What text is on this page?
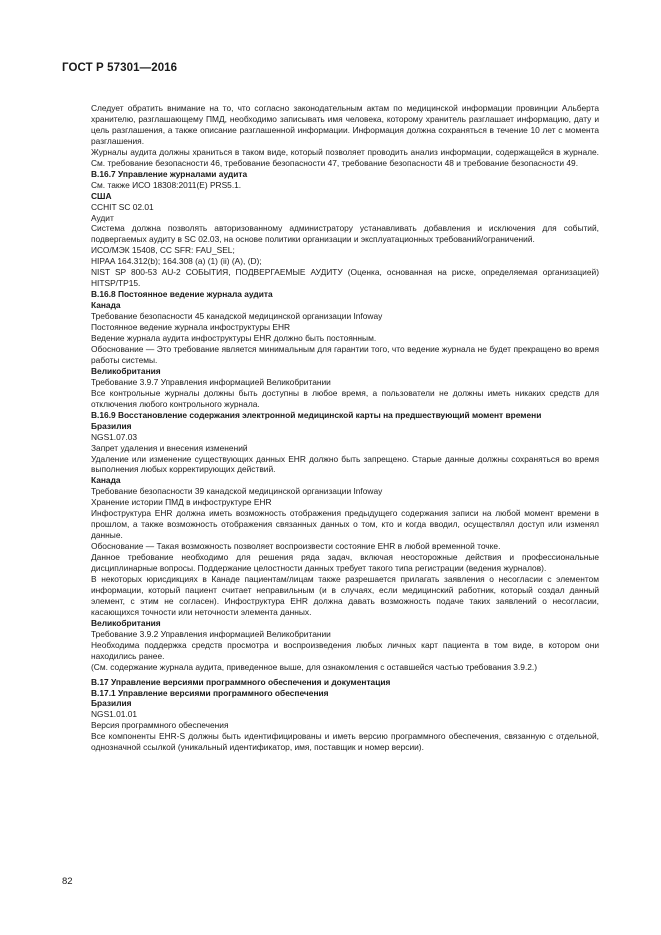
ГОСТ Р 57301—2016

Следует обратить внимание на то, что согласно законодательным актам по медицинской информации провинции Альберта хранителю, разглашающему ПМД, необходимо записывать имя человека, которому хранитель разглашает информацию, дату и цель разглашения, а также описание разглашенной информации. Информация должна сохраняться в течение 10 лет с момента разглашения.

Журналы аудита должны храниться в таком виде, который позволяет проводить анализ информации, содержащейся в журнале. См. требование безопасности 46, требование безопасности 47, требование безопасности 48 и требование безопасности 49.

B.16.7 Управление журналами аудита

См. также ИСО 18308:2011(E) PRS5.1.

США

CCHIT SC 02.01

Аудит

Система должна позволять авторизованному администратору устанавливать добавления и исключения для событий, подвергаемых аудиту в SC 02.03, на основе политики организации и эксплуатационных требований/ограничений.

ИСО/МЭК 15408, CC SFR: FAU_SEL;

HIPAA 164.312(b); 164.308 (a) (1) (ii) (A), (D);

NIST SP 800-53 AU-2 СОБЫТИЯ, ПОДВЕРГАЕМЫЕ АУДИТУ (Оценка, основанная на риске, определяемая организацией) HITSP/TP15.

B.16.8 Постоянное ведение журнала аудита

Канада

Требование безопасности 45 канадской медицинской организации Infoway

Постоянное ведение журнала инфоструктуры EHR

Ведение журнала аудита инфоструктуры EHR должно быть постоянным.

Обоснование — Это требование является минимальным для гарантии того, что ведение журнала не будет прекращено во время работы системы.

Великобритания

Требование 3.9.7 Управления информацией Великобритании

Все контрольные журналы должны быть доступны в любое время, а пользователи не должны иметь никаких средств для отключения любого контрольного журнала.

B.16.9 Восстановление содержания электронной медицинской карты на предшествующий момент времени

Бразилия

NGS1.07.03

Запрет удаления и внесения изменений

Удаление или изменение существующих данных EHR должно быть запрещено. Старые данные должны сохраняться во время выполнения любых корректирующих действий.

Канада

Требование безопасности 39 канадской медицинской организации Infoway

Хранение истории ПМД в инфоструктуре EHR

Инфоструктура EHR должна иметь возможность отображения предыдущего содержания записи на любой момент времени в прошлом, а также возможность отображения связанных данных о том, кто и когда вводил, осуществлял доступ или изменял данные.

Обоснование — Такая возможность позволяет воспроизвести состояние EHR в любой временной точке.

Данное требование необходимо для решения ряда задач, включая неосторожные действия и профессиональные дисциплинарные вопросы. Поддержание целостности данных требует такого типа регистрации (ведения журналов).

В некоторых юрисдикциях в Канаде пациентам/лицам также разрешается прилагать заявления о несогласии с элементом информации, который пациент считает неправильным (и в случаях, если медицинский работник, который создал данный элемент, с этим не согласен). Инфоструктура EHR должна давать возможность подаче таких заявлений о несогласии, касающихся точности или неточности элемента данных.

Великобритания

Требование 3.9.2 Управления информацией Великобритании

Необходима поддержка средств просмотра и воспроизведения любых личных карт пациента в том виде, в котором они находились ранее.

(См. содержание журнала аудита, приведенное выше, для ознакомления с оставшейся частью требования 3.9.2.)

B.17 Управление версиями программного обеспечения и документация

B.17.1 Управление версиями программного обеспечения

Бразилия

NGS1.01.01

Версия программного обеспечения

Все компоненты EHR-S должны быть идентифицированы и иметь версию программного обеспечения, связанную с отдельной, однозначной ссылкой (уникальный идентификатор, имя, поставщик и номер версии).

82
